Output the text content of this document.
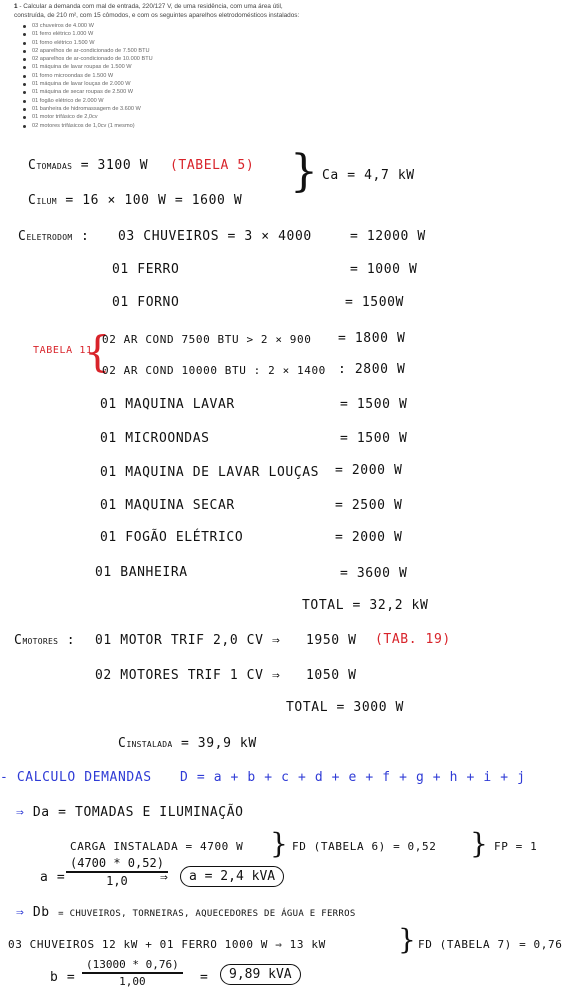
1 - Calcular a demanda com mal de entrada, 220/127 V, de uma residência, com uma área útil, construída, de 210 m², com 15 cômodos, e com os seguintes aparelhos eletrodomésticos instalados:
03 chuveiros de 4.000 W
01 ferro elétrico 1.000 W
01 forno elétrico 1.500 W
02 aparelhos de ar-condicionado de 7.500 BTU
02 aparelhos de ar-condicionado de 10.000 BTU
01 máquina de lavar roupas de 1.500 W
01 forno microondas de 1.500 W
01 máquina de lavar louças de 2.000 W
01 máquina de secar roupas de 2.500 W
01 fogão elétrico de 2.000 W
01 banheira de hidromassagem de 3.600 W
01 motor trifásico de 2,0cv
02 motores trifásicos de 1,0cv (1 mesmo)
CTOMADAS = 3100 W (TABELA 5)
CILUM = 16 × 100 W = 1600 W
} Ca = 4,7 kW
CELETRODOM : 03 CHUVEIROS = 3 × 4000	= 12000 W
01 FERRO	= 1000 W
01 FORNO	= 1500W
TABELA 11
{
02 AR COND 7500 BTU > 2 × 900 = 1800 W
02 AR COND 10000 BTU : 2 × 1400 : 2800 W
01 MAQUINA LAVAR	= 1500 W
01 MICROONDAS	= 1500 W
01 MAQUINA DE LAVAR LOUÇAS = 2000 W
01 MAQUINA SECAR	= 2500 W
01 FOGÃO ELÉTRICO	= 2000 W
01 BANHEIRA	= 3600 W
TOTAL = 32,2 kW
CMOTORES : 01 MOTOR TRIF 2,0 CV ⇒ 1950 W (TAB. 19)
02 MOTORES TRIF 1 CV ⇒ 1050 W
TOTAL = 3000 W
CINSTALADA = 39,9 kW
- CALCULO DEMANDAS D = a + b + c + d + e + f + g + h + i + j
⇒ Da = TOMADAS E ILUMINAÇÃO
CARGA INSTALADA = 4700 W } FD (TABELA 6) = 0,52 } FP = 1
a =
(4700 * 0,52)
1,0 ⇒	a = 2,4 kVA
⇒ Db = CHUVEIROS, TORNEIRAS, AQUECEDORES DE ÁGUA E FERROS
03 CHUVEIROS 12 kW + 01 FERRO 1000 W ⇒ 13 kW	} FD (TABELA 7) = 0,76
b =
(13000 * 0,76)
1,00	=	9,89 kVA
